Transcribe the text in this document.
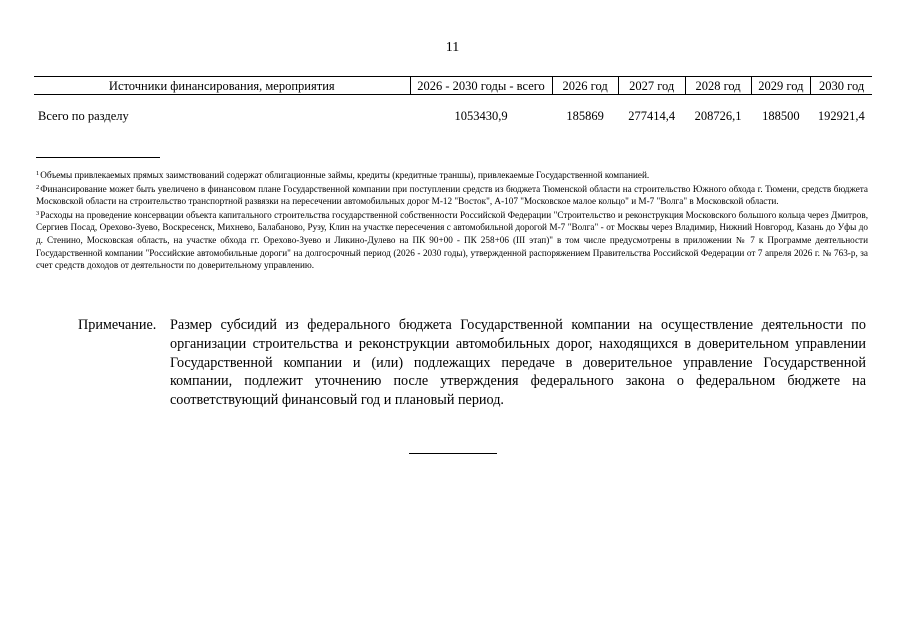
11
Источники финансирования, мероприятия	2026 - 2030 годы - всего	2026 год	2027 год	2028 год	2029 год	2030 год
Всего по разделу	1053430,9	185869	277414,4	208726,1	188500	192921,4
$^1$Объемы привлекаемых прямых заимствований содержат облигационные займы, кредиты (кредитные траншы), привлекаемые Государственной компанией.
$^2$Финансирование может быть увеличено в финансовом плане Государственной компании при поступлении средств из бюджета Тюменской области на строительство Южного обхода г. Тюмени, средств бюджета Московской области на строительство транспортной развязки на пересечении автомобильных дорог М-12 "Восток", А-107 "Московское малое кольцо" и М-7 "Волга" в Московской области.
$^3$Расходы на проведение консервации объекта капитального строительства государственной собственности Российской Федерации "Строительство и реконструкция Московского большого кольца через Дмитров, Сергиев Посад, Орехово-Зуево, Воскресенск, Михнево, Балабаново, Рузу, Клин на участке пересечения с автомобильной дорогой М-7 "Волга" - от Москвы через Владимир, Нижний Новгород, Казань до Уфы до д. Стенино, Московская область, на участке обхода гг. Орехово-Зуево и Ликино-Дулево на ПК 90+00 - ПК 258+06 (III этап)" в том числе предусмотрены в приложении № 7 к Программе деятельности Государственной компании "Российские автомобильные дороги" на долгосрочный период (2026 - 2030 годы), утвержденной распоряжением Правительства Российской Федерации от 7 апреля 2026 г. № 763-р, за счет средств доходов от деятельности по доверительному управлению.
Примечание. Размер субсидий из федерального бюджета Государственной компании на осуществление деятельности по организации строительства и реконструкции автомобильных дорог, находящихся в доверительном управлении Государственной компании и (или) подлежащих передаче в доверительное управление Государственной компании, подлежит уточнению после утверждения федерального закона о федеральном бюджете на соответствующий финансовый год и плановый период.
